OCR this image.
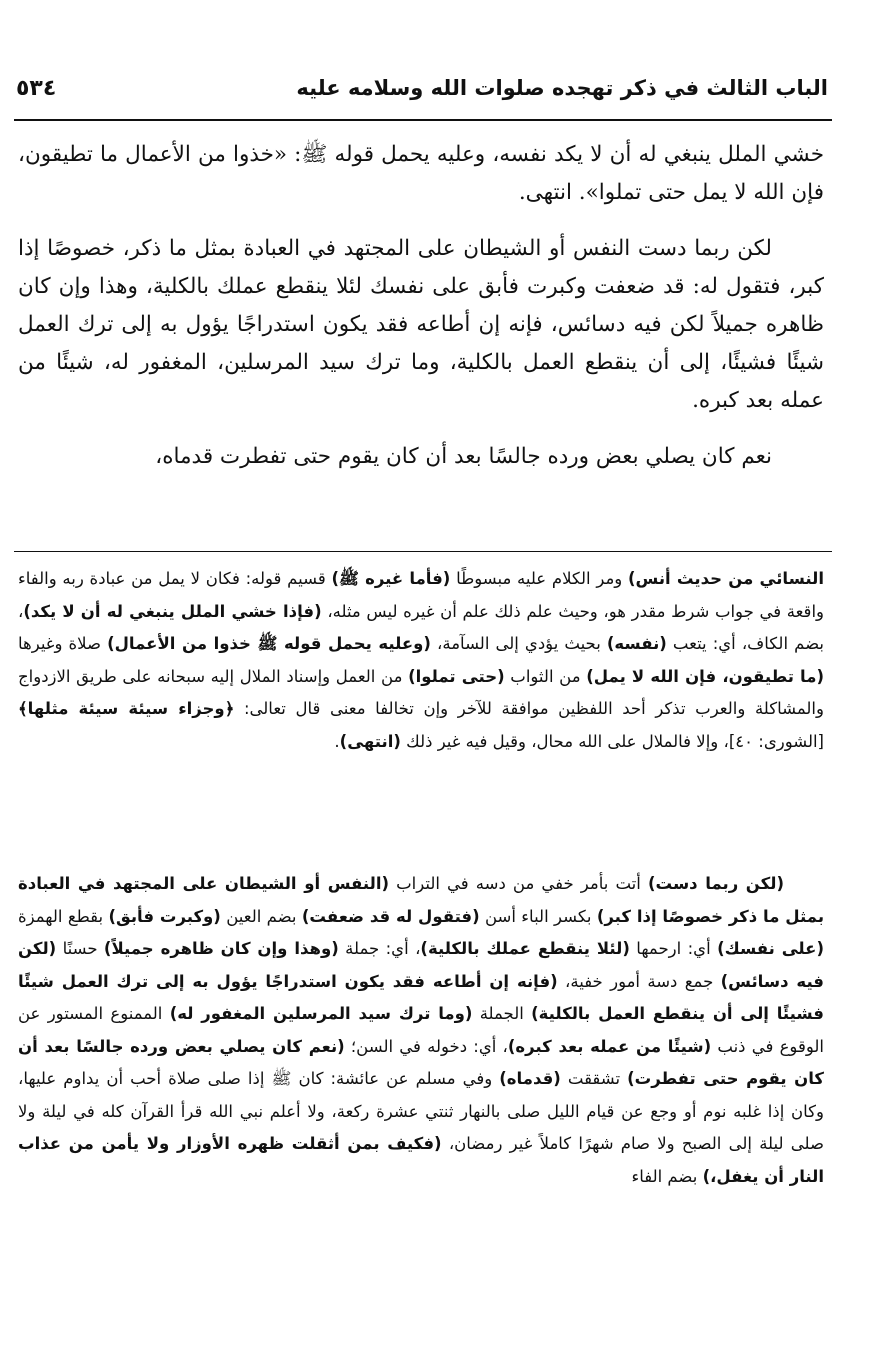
٥٣٤	الباب الثالث في ذكر تهجده صلوات الله وسلامه عليه

خشي الملل ينبغي له أن لا يكد نفسه، وعليه يحمل قوله ﷺ: «خذوا من الأعمال ما تطيقون، فإن الله لا يمل حتى تملوا». انتهى.

لكن ربما دست النفس أو الشيطان على المجتهد في العبادة بمثل ما ذكر، خصوصًا إذا كبر، فتقول له: قد ضعفت وكبرت فأبق على نفسك لئلا ينقطع عملك بالكلية، وهذا وإن كان ظاهره جميلاً لكن فيه دسائس، فإنه إن أطاعه فقد يكون استدراجًا يؤول به إلى ترك العمل شيئًا فشيئًا، إلى أن ينقطع العمل بالكلية، وما ترك سيد المرسلين، المغفور له، شيئًا من عمله بعد كبره.

نعم كان يصلي بعض ورده جالسًا بعد أن كان يقوم حتى تفطرت قدماه،

النسائي من حديث أنس) ومر الكلام عليه مبسوطًا (فأما غيره ﷺ) قسيم قوله: فكان لا يمل من عبادة ربه والفاء واقعة في جواب شرط مقدر هو، وحيث علم ذلك علم أن غيره ليس مثله، (فإذا خشي الملل ينبغي له أن لا يكد)، بضم الكاف، أي: يتعب (نفسه) بحيث يؤدي إلى السآمة، (وعليه يحمل قوله ﷺ خذوا من الأعمال) صلاة وغيرها (ما تطيقون، فإن الله لا يمل) من الثواب (حتى تملوا) من العمل وإسناد الملال إليه سبحانه على طريق الازدواج والمشاكلة والعرب تذكر أحد اللفظين موافقة للآخر وإن تخالفا معنى قال تعالى: ﴿وجزاء سيئة سيئة مثلها﴾ [الشورى: ٤٠]، وإلا فالملال على الله محال، وقيل فيه غير ذلك (انتهى).

(لكن ربما دست) أتت بأمر خفي من دسه في التراب (النفس أو الشيطان على المجتهد في العبادة بمثل ما ذكر خصوصًا إذا كبر) بكسر الباء أسن (فتقول له قد ضعفت) بضم العين (وكبرت فأبق) بقطع الهمزة (على نفسك) أي: ارحمها (لئلا ينقطع عملك بالكلية)، أي: جملة (وهذا وإن كان ظاهره جميلاً) حسنًا (لكن فيه دسائس) جمع دسة أمور خفية، (فإنه إن أطاعه فقد يكون استدراجًا يؤول به إلى ترك العمل شيئًا فشيئًا إلى أن ينقطع العمل بالكلية) الجملة (وما ترك سيد المرسلين المغفور له) الممنوع المستور عن الوقوع في ذنب (شيئًا من عمله بعد كبره)، أي: دخوله في السن؛ (نعم كان يصلي بعض ورده جالسًا بعد أن كان يقوم حتى تفطرت) تشققت (قدماه) وفي مسلم عن عائشة: كان ﷺ إذا صلى صلاة أحب أن يداوم عليها، وكان إذا غلبه نوم أو وجع عن قيام الليل صلى بالنهار ثنتي عشرة ركعة، ولا أعلم نبي الله قرأ القرآن كله في ليلة ولا صلى ليلة إلى الصبح ولا صام شهرًا كاملاً غير رمضان، (فكيف بمن أثقلت ظهره الأوزار ولا يأمن من عذاب النار أن يغفل،) بضم الفاء
